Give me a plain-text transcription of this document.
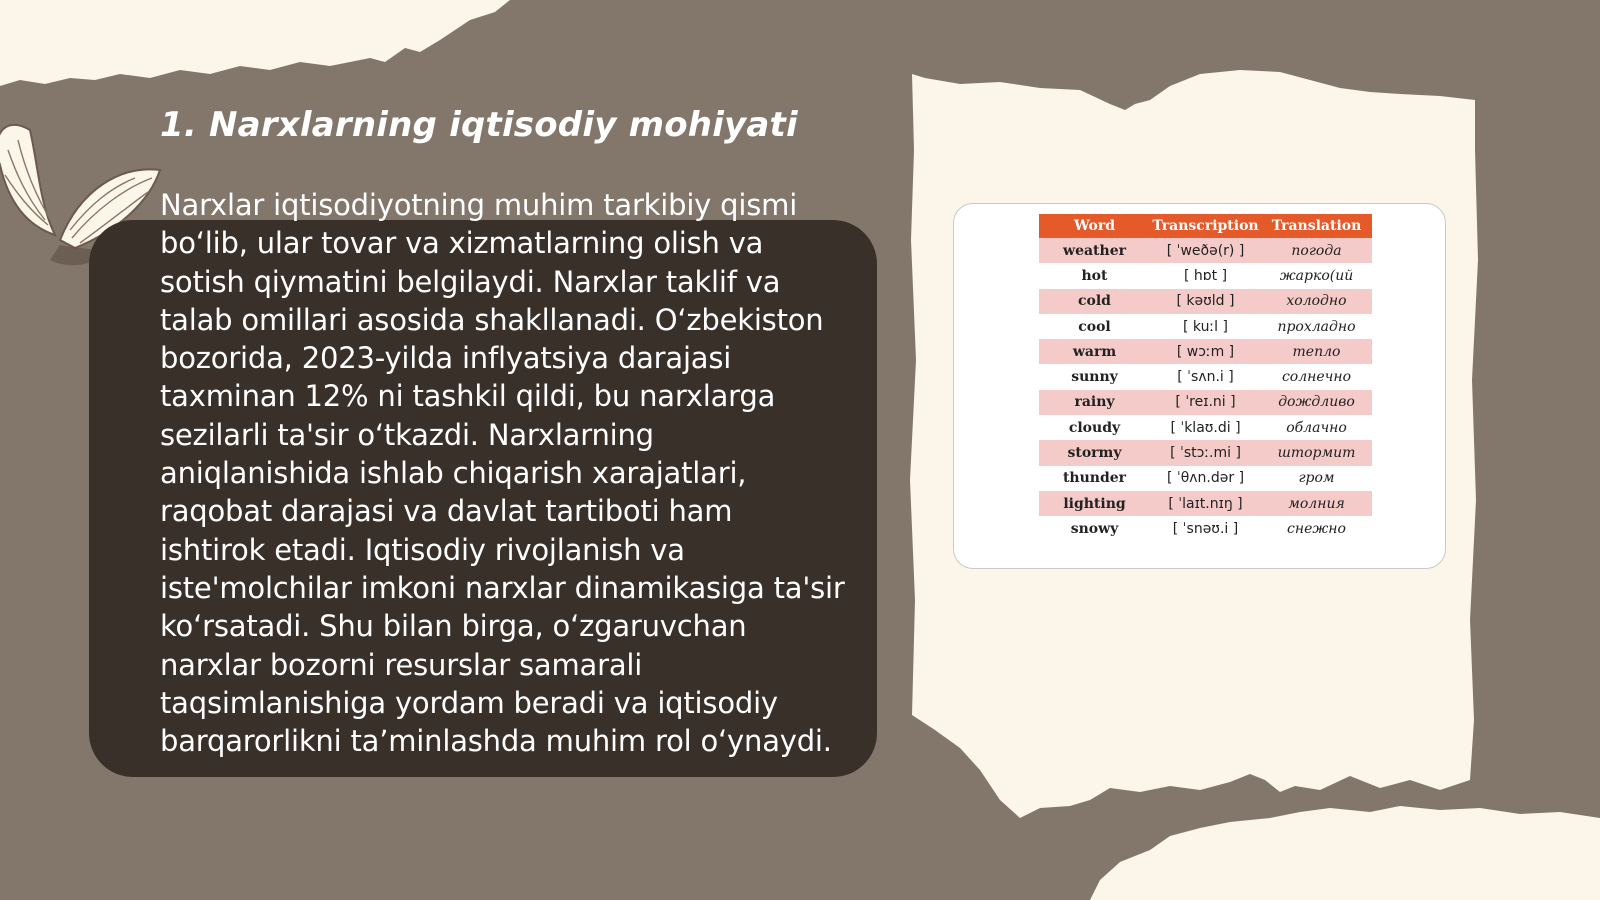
1. Narxlarning iqtisodiy mohiyati

Narxlar iqtisodiyotning muhim tarkibiy qismi bo‘lib, ular tovar va xizmatlarning olish va sotish qiymatini belgilaydi. Narxlar taklif va talab omillari asosida shakllanadi. O‘zbekiston bozorida, 2023-yilda inflyatsiya darajasi taxminan 12% ni tashkil qildi, bu narxlarga sezilarli ta'sir o‘tkazdi. Narxlarning aniqlanishida ishlab chiqarish xarajatlari, raqobat darajasi va davlat tartiboti ham ishtirok etadi. Iqtisodiy rivojlanish va iste'molchilar imkoni narxlar dinamikasiga ta'sir ko‘rsatadi. Shu bilan birga, o‘zgaruvchan narxlar bozorni resurslar samarali taqsimlanishiga yordam beradi va iqtisodiy barqarorlikni ta’minlashda muhim rol o‘ynaydi.

Word	Transcription	Translation
weather	[ ˈweðə(r) ]	погода
hot	[ hɒt ]	жарко(ий
cold	[ kəʊld ]	холодно
cool	[ kuːl ]	прохладно
warm	[ wɔːm ]	тепло
sunny	[ ˈsʌn.i ]	солнечно
rainy	[ ˈreɪ.ni ]	дождливо
cloudy	[ ˈklaʊ.di ]	облачно
stormy	[ ˈstɔː.mi ]	штормит
thunder	[ ˈθʌn.dər ]	гром
lighting	[ ˈlaɪt.nɪŋ ]	молния
snowy	[ ˈsnəʊ.i ]	снежно
